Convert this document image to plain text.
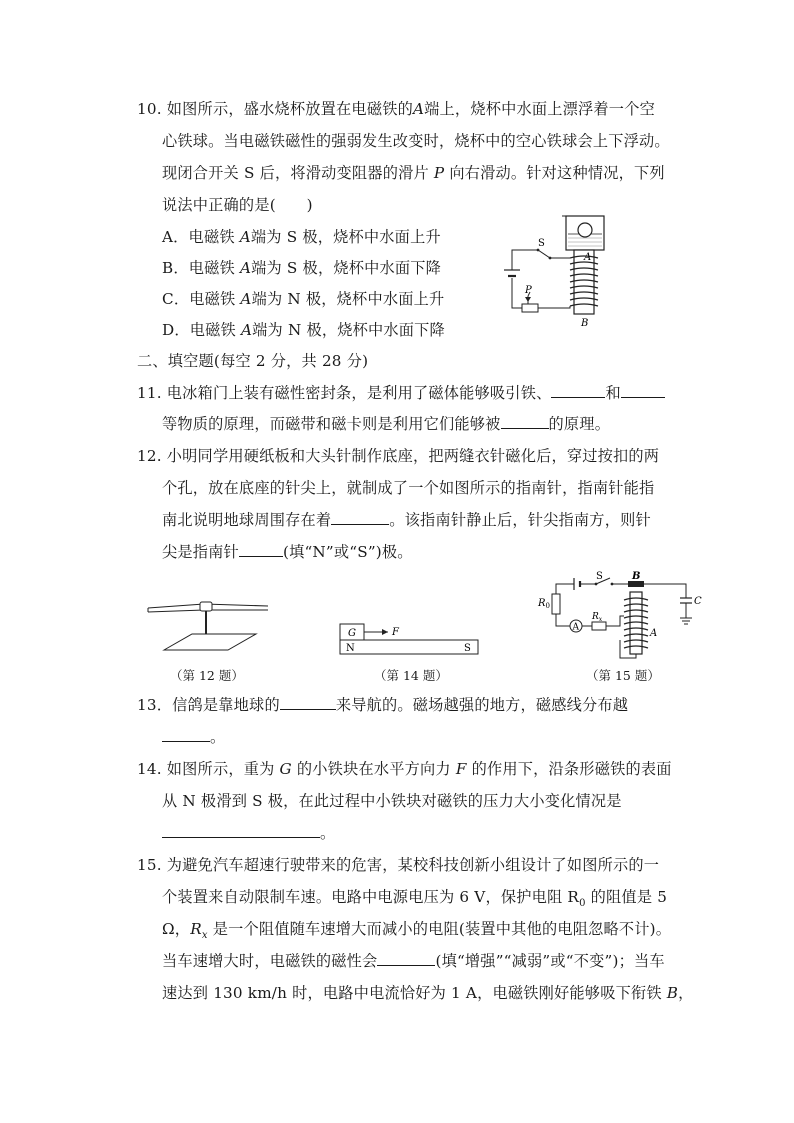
10. 如图所示，盛水烧杯放置在电磁铁的A端上，烧杯中水面上漂浮着一个空
心铁球。当电磁铁磁性的强弱发生改变时，烧杯中的空心铁球会上下浮动。
现闭合开关 S 后，将滑动变阻器的滑片 P 向右滑动。针对这种情况，下列
说法中正确的是(　　)
A．电磁铁 A端为 S 极，烧杯中水面上升
B．电磁铁 A端为 S 极，烧杯中水面下降
C．电磁铁 A端为 N 极，烧杯中水面上升
D．电磁铁 A端为 N 极，烧杯中水面下降
S
A
P
B
二、填空题(每空 2 分，共 28 分)
11. 电冰箱门上装有磁性密封条，是利用了磁体能够吸引铁、	和
等物质的原理，而磁带和磁卡则是利用它们能够被	的原理。
12. 小明同学用硬纸板和大头针制作底座，把两缝衣针磁化后，穿过按扣的两
个孔，放在底座的针尖上，就制成了一个如图所示的指南针，指南针能指
南北说明地球周围存在着	。该指南针静止后，针尖指南方，则针
尖是指南针	(填“N”或“S”)极。
（第 12 题）
G	F
N	S
（第 14 题）
A
S	B
C
$R_0$
$R_x$
A
（第 15 题）
13．信鸽是靠地球的	来导航的。磁场越强的地方，磁感线分布越
。
14. 如图所示，重为 G 的小铁块在水平方向力 F 的作用下，沿条形磁铁的表面
从 N 极滑到 S 极，在此过程中小铁块对磁铁的压力大小变化情况是
。
15. 为避免汽车超速行驶带来的危害，某校科技创新小组设计了如图所示的一
个装置来自动限制车速。电路中电源电压为 6 V，保护电阻 $R_0$ 的阻值是 5
Ω，$R_x$ 是一个阻值随车速增大而减小的电阻(装置中其他的电阻忽略不计)。
当车速增大时，电磁铁的磁性会	(填“增强”“减弱”或“不变”)；当车
速达到 130 km/h 时，电路中电流恰好为 1 A，电磁铁刚好能够吸下衔铁 B，
